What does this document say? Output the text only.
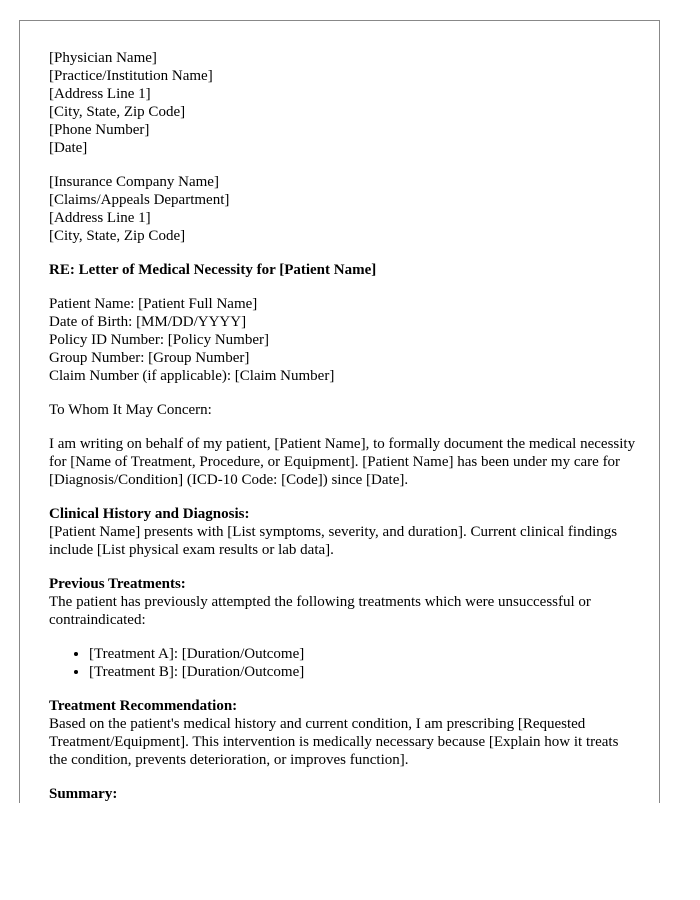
[Physician Name]
[Practice/Institution Name]
[Address Line 1]
[City, State, Zip Code]
[Phone Number]
[Date]
[Insurance Company Name]
[Claims/Appeals Department]
[Address Line 1]
[City, State, Zip Code]
RE: Letter of Medical Necessity for [Patient Name]
Patient Name: [Patient Full Name]
Date of Birth: [MM/DD/YYYY]
Policy ID Number: [Policy Number]
Group Number: [Group Number]
Claim Number (if applicable): [Claim Number]
To Whom It May Concern:
I am writing on behalf of my patient, [Patient Name], to formally document the medical necessity for [Name of Treatment, Procedure, or Equipment]. [Patient Name] has been under my care for [Diagnosis/Condition] (ICD-10 Code: [Code]) since [Date].
Clinical History and Diagnosis:
[Patient Name] presents with [List symptoms, severity, and duration]. Current clinical findings include [List physical exam results or lab data].
Previous Treatments:
The patient has previously attempted the following treatments which were unsuccessful or contraindicated:
• [Treatment A]: [Duration/Outcome]
• [Treatment B]: [Duration/Outcome]
Treatment Recommendation:
Based on the patient's medical history and current condition, I am prescribing [Requested Treatment/Equipment]. This intervention is medically necessary because [Explain how it treats the condition, prevents deterioration, or improves function].
Summary:
